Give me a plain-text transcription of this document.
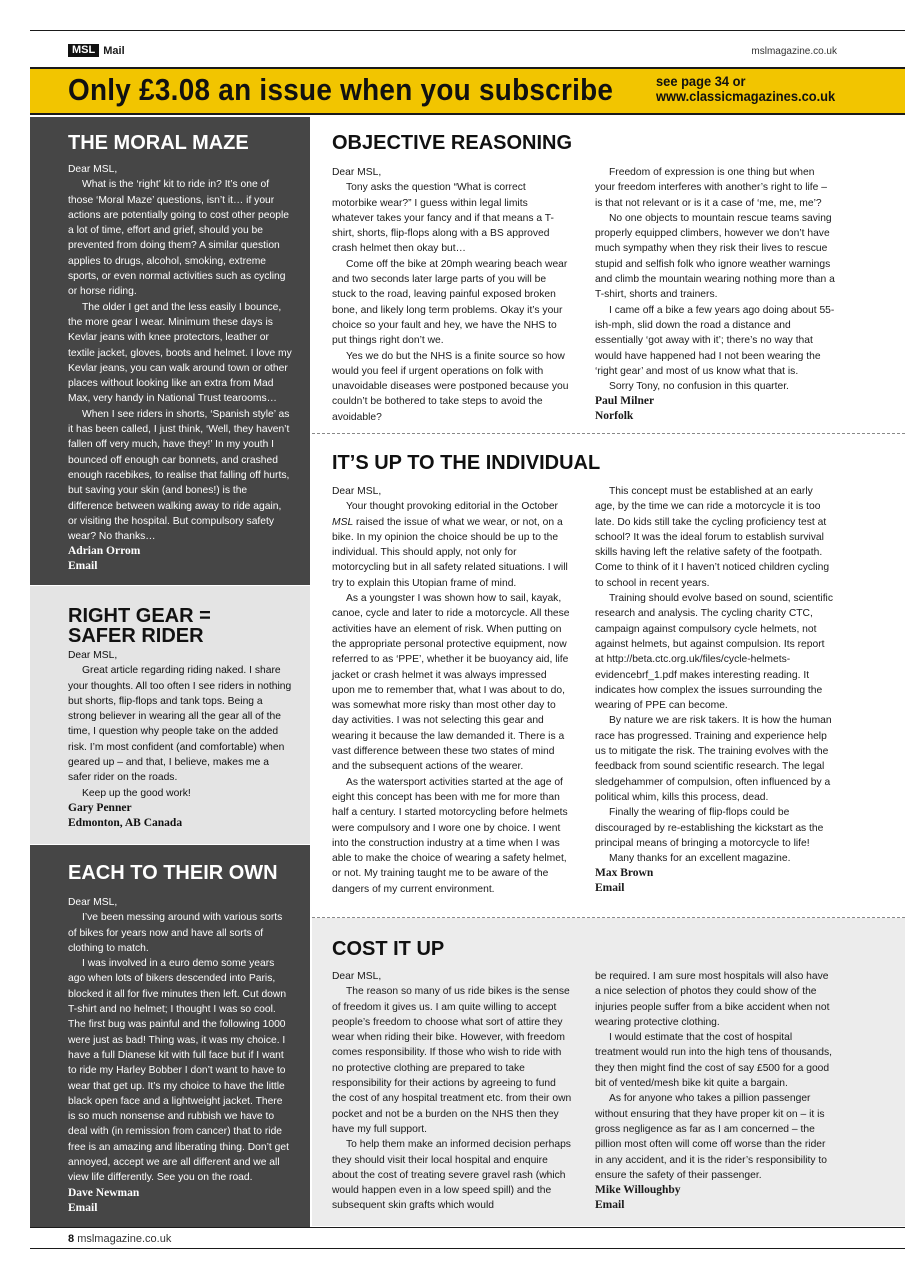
MSL Mail	mslmagazine.co.uk
Only £3.08 an issue when you subscribe	see page 34 or
www.classicmagazines.co.uk
THE MORAL MAZE

Dear MSL,

What is the ‘right’ kit to ride in? It’s one of those ‘Moral Maze’ questions, isn’t it… if your actions are potentially going to cost other people a lot of time, effort and grief, should you be prevented from doing them? A similar question applies to drugs, alcohol, smoking, extreme sports, or even normal activities such as cycling or horse riding.

The older I get and the less easily I bounce, the more gear I wear. Minimum these days is Kevlar jeans with knee protectors, leather or textile jacket, gloves, boots and helmet. I love my Kevlar jeans, you can walk around town or other places without looking like an extra from Mad Max, very handy in National Trust tearooms…

When I see riders in shorts, ‘Spanish style’ as it has been called, I just think, ‘Well, they haven’t fallen off very much, have they!’ In my youth I bounced off enough car bonnets, and crashed enough racebikes, to realise that falling off hurts, but saving your skin (and bones!) is the difference between walking away to ride again, or visiting the hospital. But compulsory safety wear? No thanks…

Adrian Orrom
Email
RIGHT GEAR =
SAFER RIDER

Dear MSL,

Great article regarding riding naked. I share your thoughts. All too often I see riders in nothing but shorts, flip-flops and tank tops. Being a strong believer in wearing all the gear all of the time, I question why people take on the added risk. I’m most confident (and comfortable) when geared up – and that, I believe, makes me a safer rider on the roads.

Keep up the good work!

Gary Penner
Edmonton, AB Canada
EACH TO THEIR OWN

Dear MSL,

I’ve been messing around with various sorts of bikes for years now and have all sorts of clothing to match.

I was involved in a euro demo some years ago when lots of bikers descended into Paris, blocked it all for five minutes then left. Cut down T-shirt and no helmet; I thought I was so cool. The first bug was painful and the following 1000 were just as bad! Thing was, it was my choice. I have a full Dianese kit with full face but if I want to ride my Harley Bobber I don’t want to have to wear that get up. It’s my choice to have the little black open face and a lightweight jacket. There is so much nonsense and rubbish we have to deal with (in remission from cancer) that to ride free is an amazing and liberating thing. Don’t get annoyed, accept we are all different and we all view life differently. See you on the road.

Dave Newman
Email
OBJECTIVE REASONING

Dear MSL,

Tony asks the question “What is correct motorbike wear?” I guess within legal limits whatever takes your fancy and if that means a T-shirt, shorts, flip-flops along with a BS approved crash helmet then okay but…

Come off the bike at 20mph wearing beach wear and two seconds later large parts of you will be stuck to the road, leaving painful exposed broken bone, and likely long term problems. Okay it’s your choice so your fault and hey, we have the NHS to put things right don’t we.

Yes we do but the NHS is a finite source so how would you feel if urgent operations on folk with unavoidable diseases were postponed because you couldn’t be bothered to take steps to avoid the avoidable?

Freedom of expression is one thing but when your freedom interferes with another’s right to life – is that not relevant or is it a case of ‘me, me, me’?

No one objects to mountain rescue teams saving properly equipped climbers, however we don’t have much sympathy when they risk their lives to rescue stupid and selfish folk who ignore weather warnings and climb the mountain wearing nothing more than a T-shirt, shorts and trainers.

I came off a bike a few years ago doing about 55-ish-mph, slid down the road a distance and essentially ‘got away with it’; there’s no way that would have happened had I not been wearing the ‘right gear’ and most of us know what that is.

Sorry Tony, no confusion in this quarter.

Paul Milner
Norfolk
IT’S UP TO THE INDIVIDUAL

Dear MSL,

Your thought provoking editorial in the October MSL raised the issue of what we wear, or not, on a bike. In my opinion the choice should be up to the individual. This should apply, not only for motorcycling but in all safety related situations. I will try to explain this Utopian frame of mind.

As a youngster I was shown how to sail, kayak, canoe, cycle and later to ride a motorcycle. All these activities have an element of risk. When putting on the appropriate personal protective equipment, now referred to as ‘PPE’, whether it be buoyancy aid, life jacket or crash helmet it was always impressed upon me to remember that, what I was about to do, was somewhat more risky than most other day to day activities. I was not selecting this gear and wearing it because the law demanded it. There is a vast difference between these two states of mind and the subsequent actions of the wearer.

As the watersport activities started at the age of eight this concept has been with me for more than half a century. I started motorcycling before helmets were compulsory and I wore one by choice. I went into the construction industry at a time when I was able to make the choice of wearing a safety helmet, or not. My training taught me to be aware of the dangers of my current environment.

This concept must be established at an early age, by the time we can ride a motorcycle it is too late. Do kids still take the cycling proficiency test at school? It was the ideal forum to establish survival skills having left the relative safety of the footpath. Come to think of it I haven’t noticed children cycling to school in recent years.

Training should evolve based on sound, scientific research and analysis. The cycling charity CTC, campaign against compulsory cycle helmets, not against helmets, but against compulsion. Its report at http://beta.ctc.org.uk/files/cycle-helmets-evidencebrf_1.pdf makes interesting reading. It indicates how complex the issues surrounding the wearing of PPE can become.

By nature we are risk takers. It is how the human race has progressed. Training and experience help us to mitigate the risk. The training evolves with the feedback from sound scientific research. The legal sledgehammer of compulsion, often influenced by a political whim, kills this process, dead.

Finally the wearing of flip-flops could be discouraged by re-establishing the kickstart as the principal means of bringing a motorcycle to life!

Many thanks for an excellent magazine.

Max Brown
Email
COST IT UP

Dear MSL,

The reason so many of us ride bikes is the sense of freedom it gives us. I am quite willing to accept people’s freedom to choose what sort of attire they wear when riding their bike. However, with freedom comes responsibility. If those who wish to ride with no protective clothing are prepared to take responsibility for their actions by agreeing to fund the cost of any hospital treatment etc. from their own pocket and not be a burden on the NHS then they have my full support.

To help them make an informed decision perhaps they should visit their local hospital and enquire about the cost of treating severe gravel rash (which would happen even in a low speed spill) and the subsequent skin grafts which would

be required. I am sure most hospitals will also have a nice selection of photos they could show of the injuries people suffer from a bike accident when not wearing protective clothing.

I would estimate that the cost of hospital treatment would run into the high tens of thousands, they then might find the cost of say £500 for a good bit of vented/mesh bike kit quite a bargain.

As for anyone who takes a pillion passenger without ensuring that they have proper kit on – it is gross negligence as far as I am concerned – the pillion most often will come off worse than the rider in any accident, and it is the rider’s responsibility to ensure the safety of their passenger.

Mike Willoughby
Email
8 mslmagazine.co.uk
